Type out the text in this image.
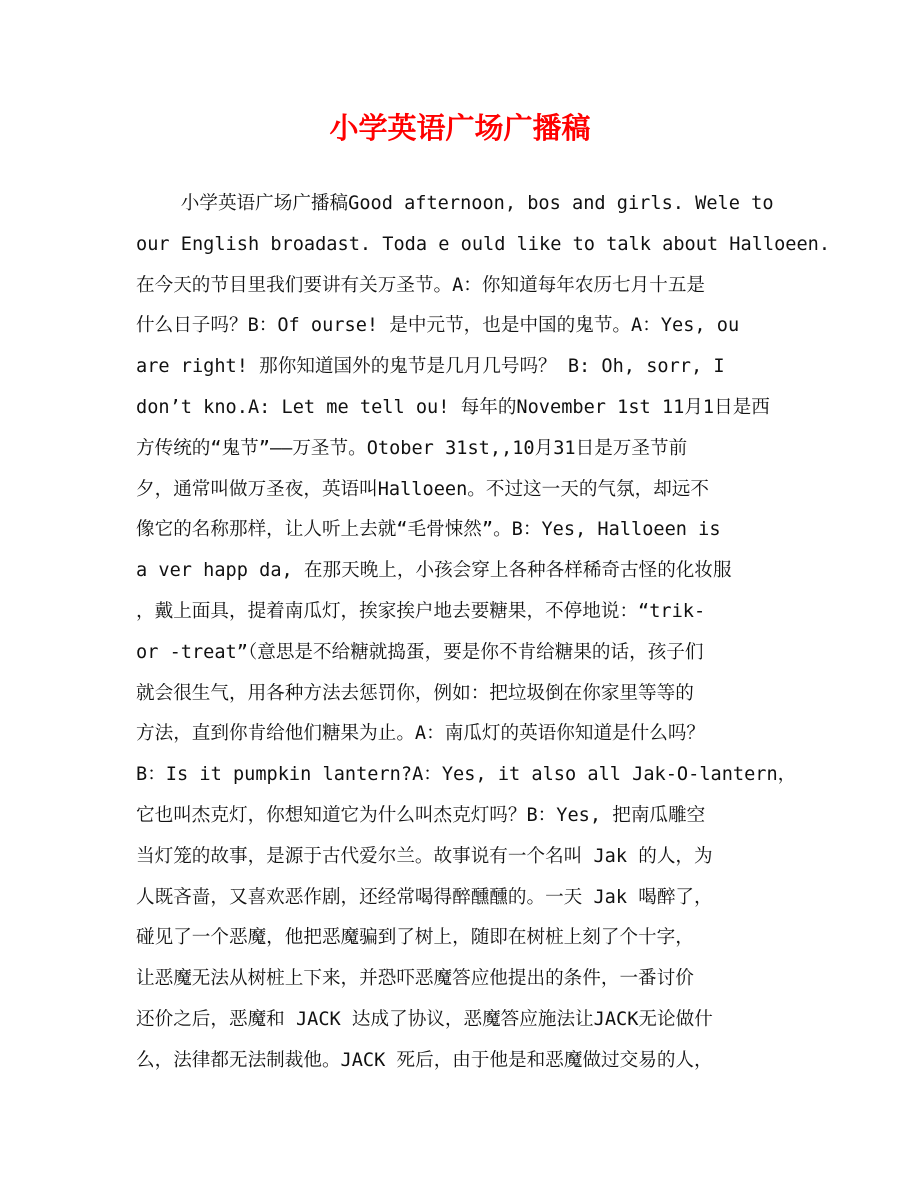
小学英语广场广播稿
小学英语广场广播稿Good afternoon, bos and girls. Wele to
our English broadast. Toda e ould like to talk about Halloeen.
在今天的节目里我们要讲有关万圣节。A：你知道每年农历七月十五是
什么日子吗？B：Of ourse! 是中元节，也是中国的鬼节。A：Yes, ou
are right! 那你知道国外的鬼节是几月几号吗？ B: Oh, sorr, I
don’t kno.A: Let me tell ou! 每年的November 1st 11月1日是西
方传统的“鬼节”——万圣节。Otober 31st,,10月31日是万圣节前
夕，通常叫做万圣夜，英语叫Halloeen。不过这一天的气氛，却远不
像它的名称那样，让人听上去就“毛骨悚然”。B：Yes, Halloeen is
a ver happ da, 在那天晚上，小孩会穿上各种各样稀奇古怪的化妆服
，戴上面具，提着南瓜灯，挨家挨户地去要糖果，不停地说：“trik-
or -treat”（意思是不给糖就捣蛋，要是你不肯给糖果的话，孩子们
就会很生气，用各种方法去惩罚你，例如：把垃圾倒在你家里等等的
方法，直到你肯给他们糖果为止。A：南瓜灯的英语你知道是什么吗？
B：Is it pumpkin lantern?A：Yes, it also all Jak-O-lantern，
它也叫杰克灯，你想知道它为什么叫杰克灯吗？B：Yes, 把南瓜雕空
当灯笼的故事，是源于古代爱尔兰。故事说有一个名叫 Jak 的人，为
人既吝啬，又喜欢恶作剧，还经常喝得醉醺醺的。一天 Jak 喝醉了，
碰见了一个恶魔，他把恶魔骗到了树上，随即在树桩上刻了个十字，
让恶魔无法从树桩上下来，并恐吓恶魔答应他提出的条件，一番讨价
还价之后，恶魔和 JACK 达成了协议，恶魔答应施法让JACK无论做什
么，法律都无法制裁他。JACK 死后，由于他是和恶魔做过交易的人，
